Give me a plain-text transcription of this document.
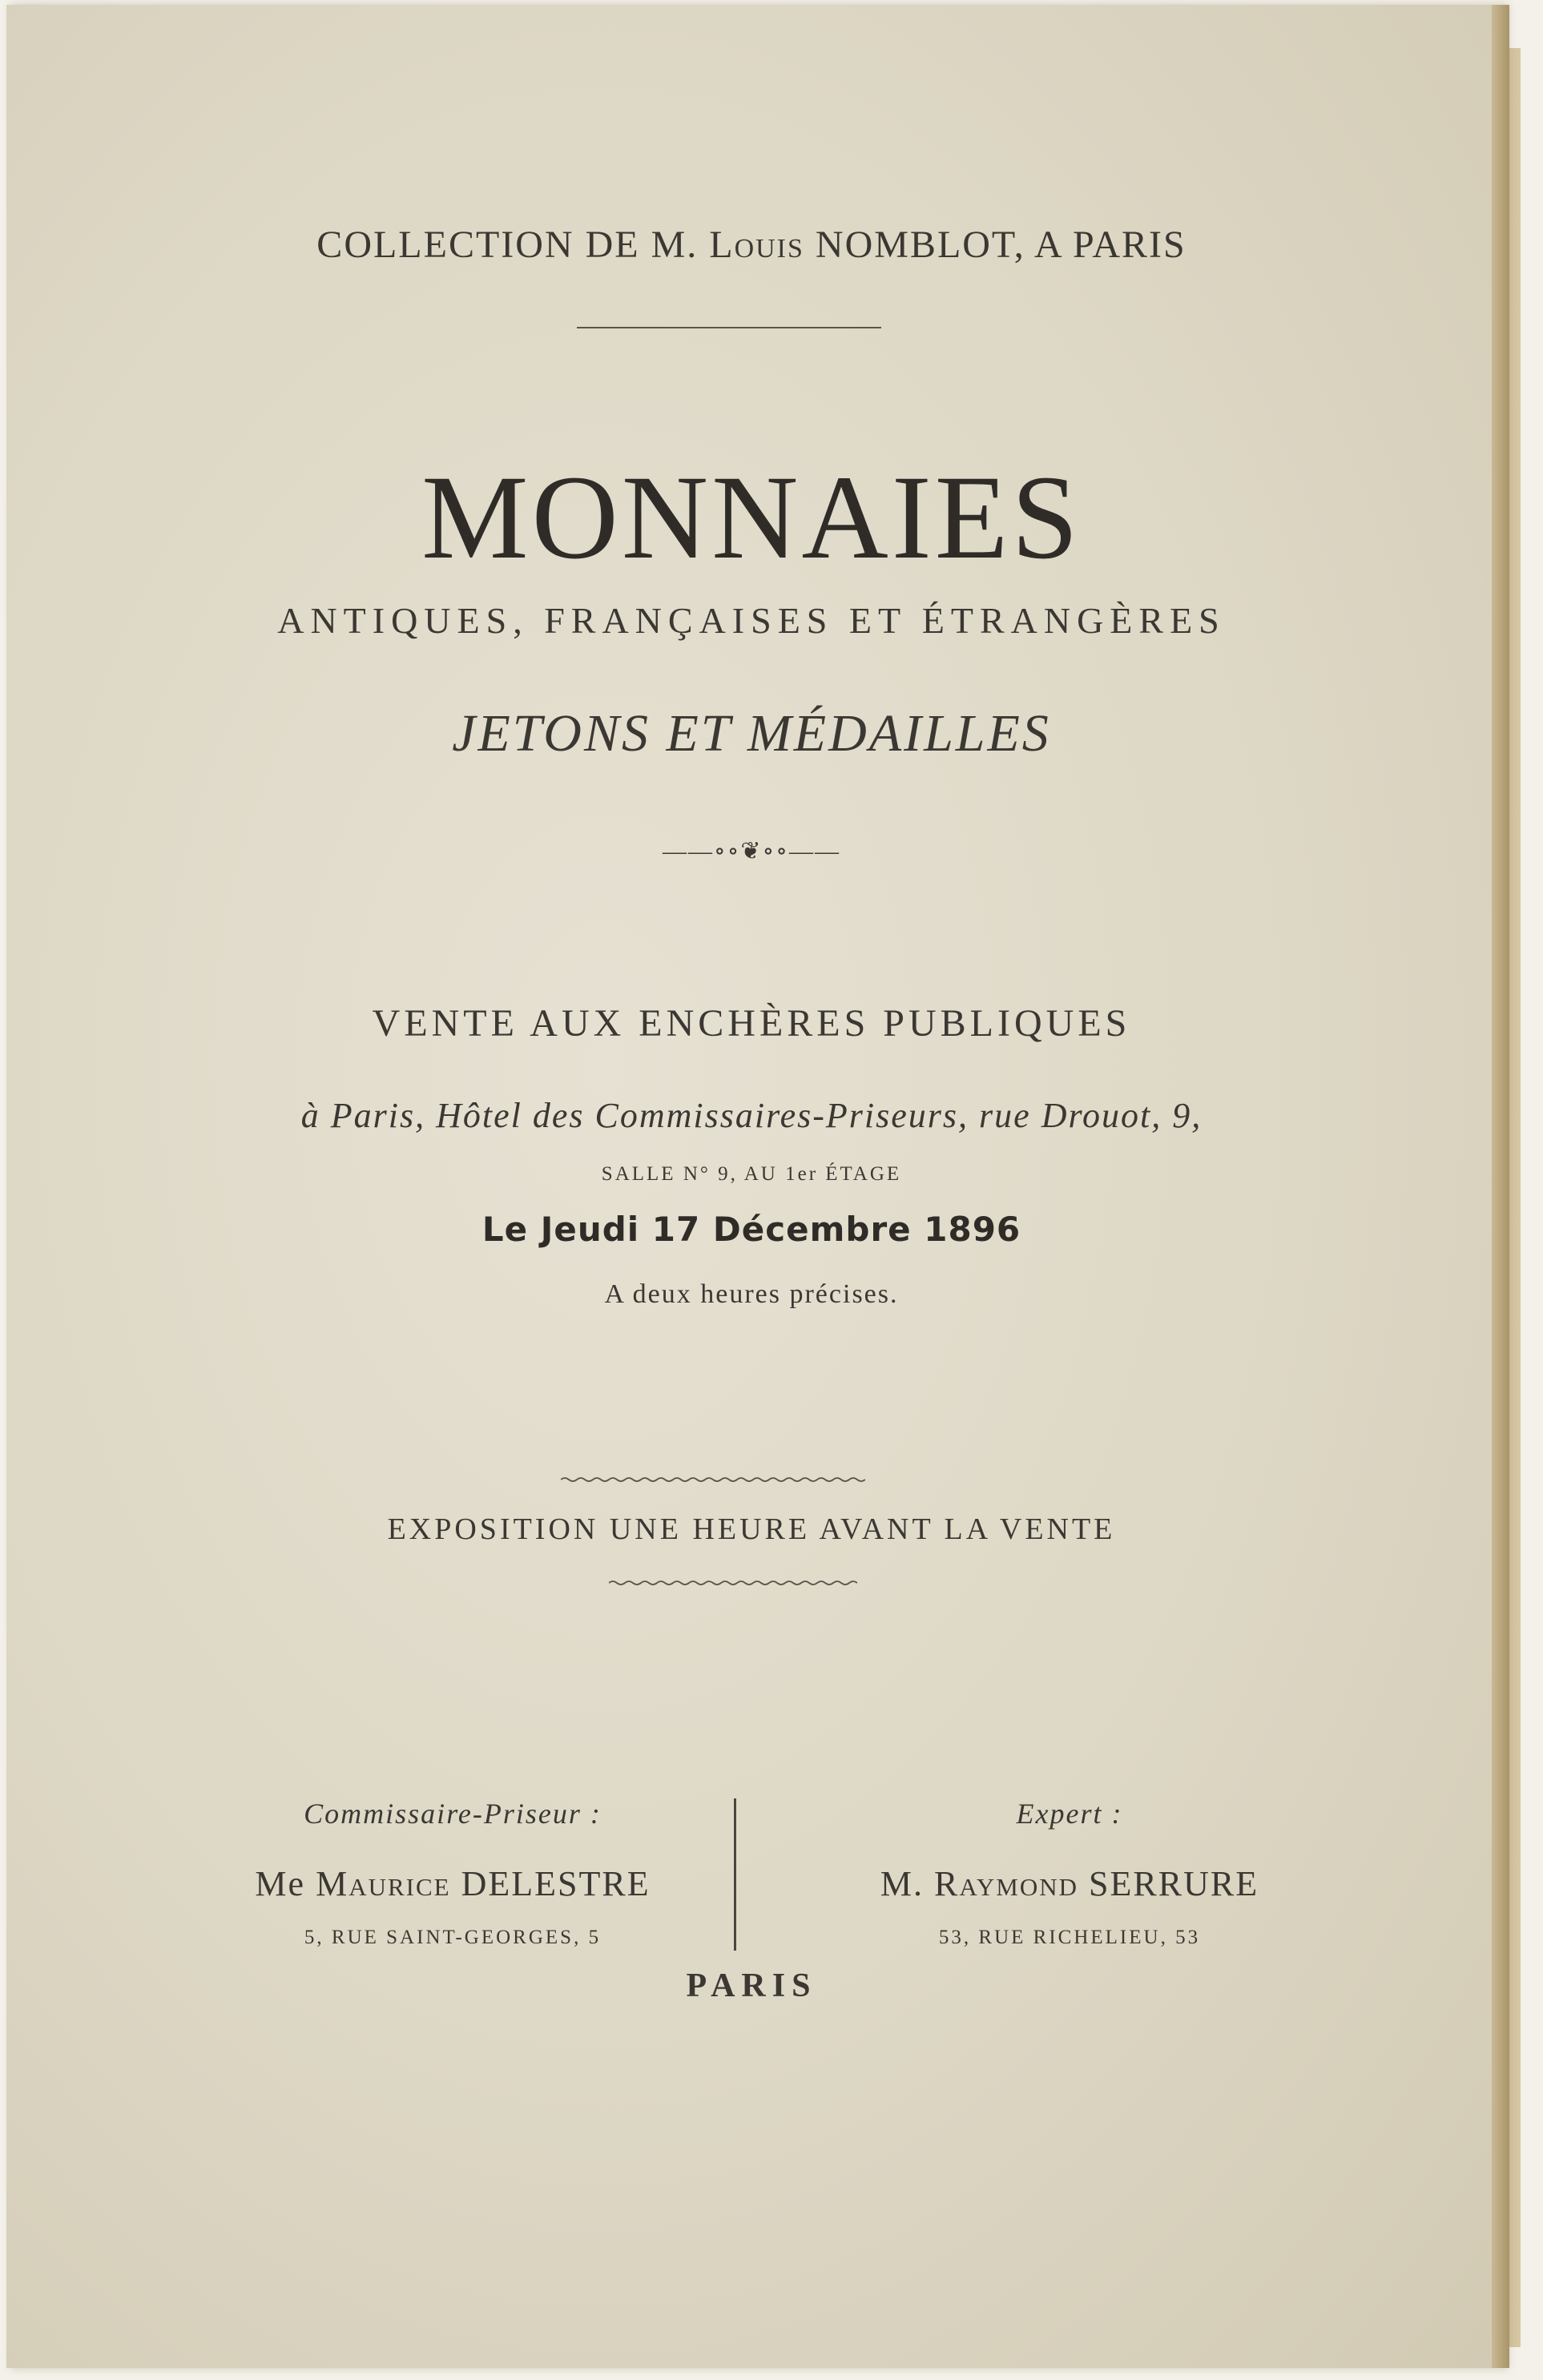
COLLECTION DE M. Louis NOMBLOT, A PARIS
MONNAIES
ANTIQUES, FRANÇAISES ET ÉTRANGÈRES
JETONS ET MÉDAILLES
——∘∘❦∘∘——
VENTE AUX ENCHÈRES PUBLIQUES
à Paris, Hôtel des Commissaires-Priseurs, rue Drouot, 9,
SALLE N° 9, AU 1er ÉTAGE
Le Jeudi 17 Décembre 1896
A deux heures précises.
EXPOSITION UNE HEURE AVANT LA VENTE
Commissaire-Priseur :
Me Maurice DELESTRE
5, RUE SAINT-GEORGES, 5
Expert :
M. Raymond SERRURE
53, RUE RICHELIEU, 53
PARIS
